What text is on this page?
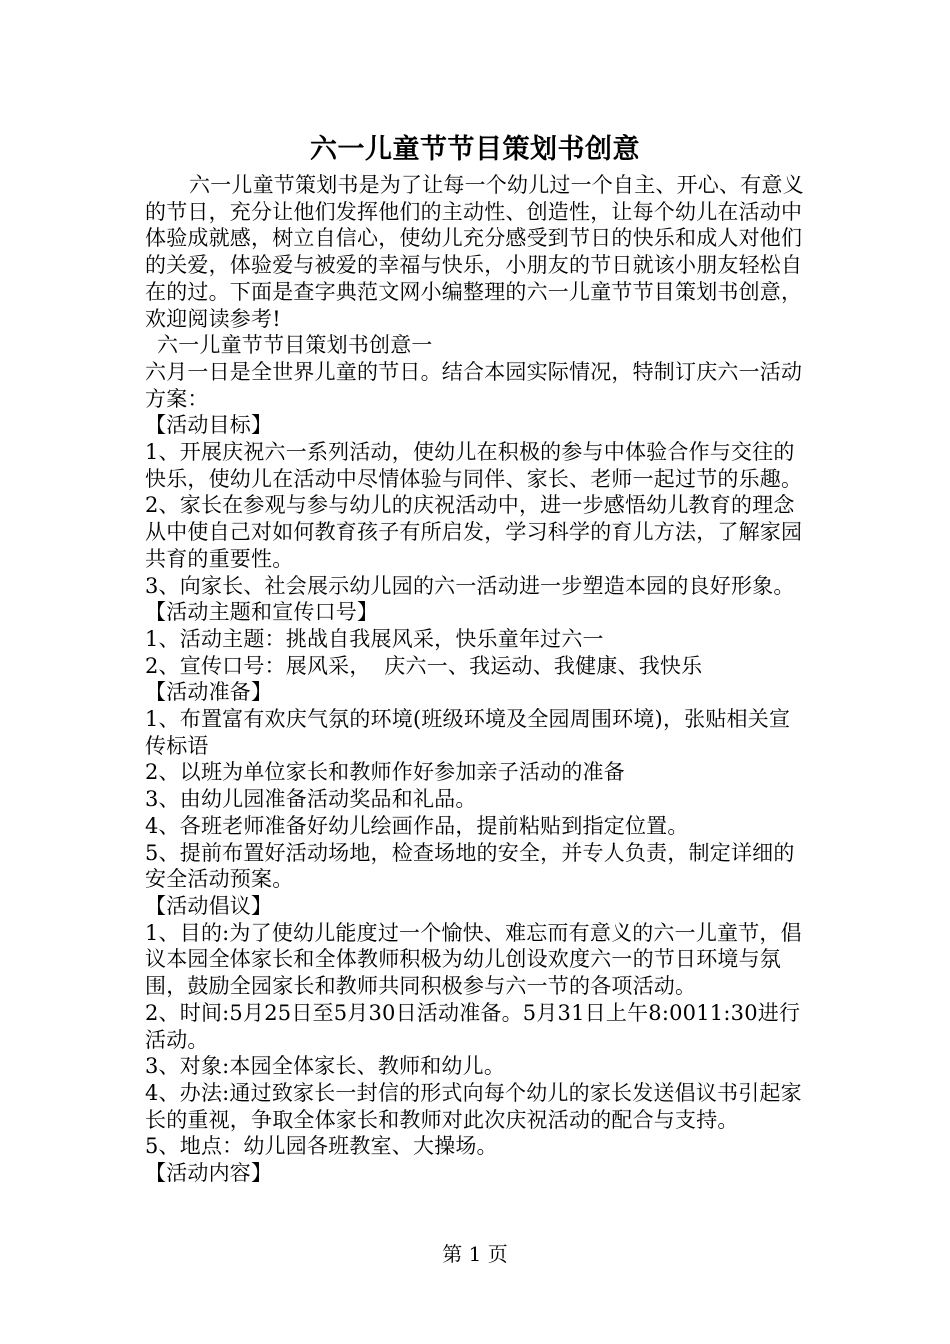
六一儿童节节目策划书创意

六一儿童节策划书是为了让每一个幼儿过一个自主、开心、有意义的节日，充分让他们发挥他们的主动性、创造性，让每个幼儿在活动中体验成就感，树立自信心，使幼儿充分感受到节日的快乐和成人对他们的关爱，体验爱与被爱的幸福与快乐，小朋友的节日就该小朋友轻松自在的过。下面是查字典范文网小编整理的六一儿童节节目策划书创意，欢迎阅读参考!

六一儿童节节目策划书创意一

六月一日是全世界儿童的节日。结合本园实际情况，特制订庆六一活动方案：

【活动目标】

1、开展庆祝六一系列活动，使幼儿在积极的参与中体验合作与交往的快乐，使幼儿在活动中尽情体验与同伴、家长、老师一起过节的乐趣。

2、家长在参观与参与幼儿的庆祝活动中，进一步感悟幼儿教育的理念从中使自己对如何教育孩子有所启发，学习科学的育儿方法，了解家园共育的重要性。

3、向家长、社会展示幼儿园的六一活动进一步塑造本园的良好形象。

【活动主题和宣传口号】

1、活动主题：挑战自我展风采，快乐童年过六一

2、宣传口号：展风采，  庆六一、我运动、我健康、我快乐

【活动准备】

1、布置富有欢庆气氛的环境(班级环境及全园周围环境)，张贴相关宣传标语

2、以班为单位家长和教师作好参加亲子活动的准备

3、由幼儿园准备活动奖品和礼品。

4、各班老师准备好幼儿绘画作品，提前粘贴到指定位置。

5、提前布置好活动场地，检查场地的安全，并专人负责，制定详细的安全活动预案。

【活动倡议】

1、目的:为了使幼儿能度过一个愉快、难忘而有意义的六一儿童节，倡议本园全体家长和全体教师积极为幼儿创设欢度六一的节日环境与氛围，鼓励全园家长和教师共同积极参与六一节的各项活动。

2、时间:5月25日至5月30日活动准备。5月31日上午8:0011:30进行活动。

3、对象:本园全体家长、教师和幼儿。

4、办法:通过致家长一封信的形式向每个幼儿的家长发送倡议书引起家长的重视，争取全体家长和教师对此次庆祝活动的配合与支持。

5、地点：幼儿园各班教室、大操场。

【活动内容】

第 1 页
